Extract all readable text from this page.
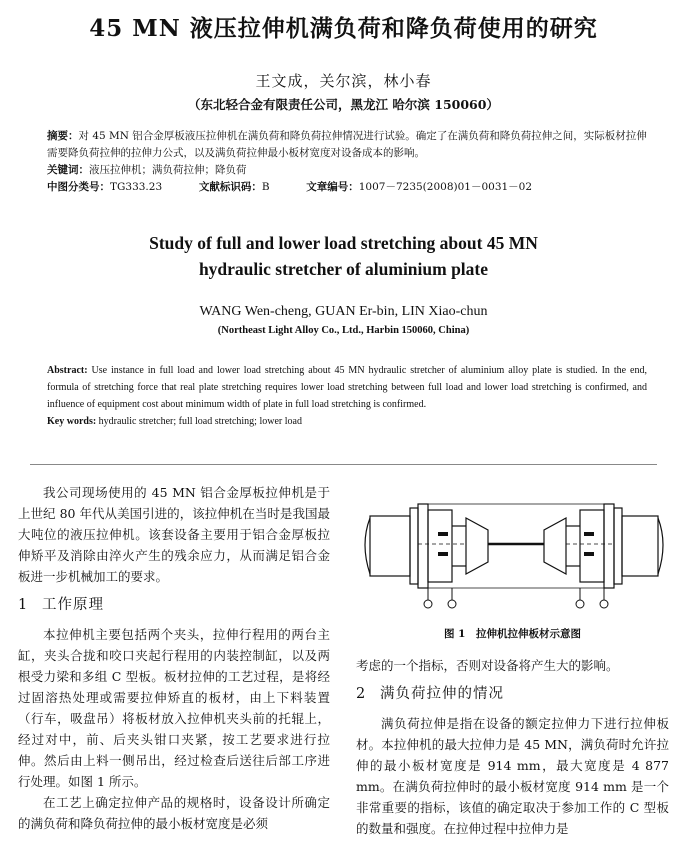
45 MN 液压拉伸机满负荷和降负荷使用的研究
王文成，关尔滨，林小春
（东北轻合金有限责任公司，黑龙江 哈尔滨 150060）
摘要：对 45 MN 铝合金厚板液压拉伸机在满负荷和降负荷拉伸情况进行试验。确定了在满负荷和降负荷拉伸之间，实际板材拉伸需要降负荷拉伸的拉伸力公式，以及满负荷拉伸最小板材宽度对设备成本的影响。
关键词：液压拉伸机；满负荷拉伸；降负荷
中图分类号：TG333.23	文献标识码：B	文章编号：1007－7235(2008)01－0031－02
Study of full and lower load stretching about 45 MN
hydraulic stretcher of aluminium plate
WANG Wen-cheng, GUAN Er-bin, LIN Xiao-chun
(Northeast Light Alloy Co., Ltd., Harbin 150060, China)
Abstract: Use instance in full load and lower load stretching about 45 MN hydraulic stretcher of aluminium alloy plate is studied. In the end, formula of stretching force that real plate stretching requires lower load stretching between full load and lower load stretching is confirmed, and influence of equipment cost about minimum width of plate in full load stretching is confirmed.
Key words: hydraulic stretcher; full load stretching; lower load

我公司现场使用的 45 MN 铝合金厚板拉伸机是于上世纪 80 年代从美国引进的，该拉伸机在当时是我国最大吨位的液压拉伸机。该套设备主要用于铝合金厚板拉伸矫平及消除由淬火产生的残余应力，从而满足铝合金板进一步机械加工的要求。

1 工作原理

本拉伸机主要包括两个夹头，拉伸行程用的两台主缸，夹头合拢和咬口夹起行程用的内装控制缸，以及两根受力梁和多组 C 型板。板材拉伸的工艺过程，是将经过固溶热处理或需要拉伸矫直的板材，由上下料装置（行车，吸盘吊）将板材放入拉伸机夹头前的托辊上，经过对中，前、后夹头钳口夹紧，按工艺要求进行拉伸。然后由上料一侧吊出，经过检查后送往后部工序进行处理。如图 1 所示。

在工艺上确定拉伸产品的规格时，设备设计所确定的满负荷和降负荷拉伸的最小板材宽度是必须

图 1　拉伸机拉伸板材示意图

考虑的一个指标，否则对设备将产生大的影响。

2 满负荷拉伸的情况

满负荷拉伸是指在设备的额定拉伸力下进行拉伸板材。本拉伸机的最大拉伸力是 45 MN，满负荷时允许拉伸的最小板材宽度是 914 mm，最大宽度是 4 877 mm。在满负荷拉伸时的最小板材宽度 914 mm 是一个非常重要的指标，该值的确定取决于参加工作的 C 型板的数量和强度。在拉伸过程中拉伸力是
